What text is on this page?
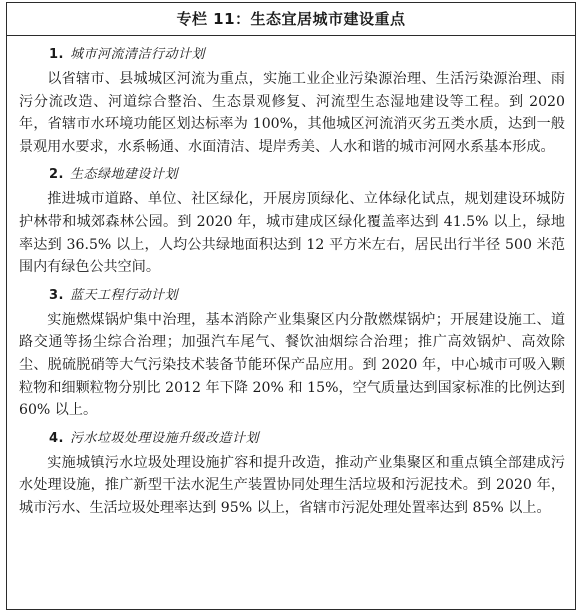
专栏 11：生态宜居城市建设重点
1. 城市河流清洁行动计划
以省辖市、县城城区河流为重点，实施工业企业污染源治理、生活污染源治理、雨污分流改造、河道综合整治、生态景观修复、河流型生态湿地建设等工程。到 2020 年，省辖市水环境功能区划达标率为 100%，其他城区河流消灭劣五类水质，达到一般景观用水要求，水系畅通、水面清洁、堤岸秀美、人水和谐的城市河网水系基本形成。
2. 生态绿地建设计划
推进城市道路、单位、社区绿化，开展房顶绿化、立体绿化试点，规划建设环城防护林带和城郊森林公园。到 2020 年，城市建成区绿化覆盖率达到 41.5% 以上，绿地率达到 36.5% 以上，人均公共绿地面积达到 12 平方米左右，居民出行半径 500 米范围内有绿色公共空间。
3. 蓝天工程行动计划
实施燃煤锅炉集中治理，基本消除产业集聚区内分散燃煤锅炉；开展建设施工、道路交通等扬尘综合治理；加强汽车尾气、餐饮油烟综合治理；推广高效锅炉、高效除尘、脱硫脱硝等大气污染技术装备节能环保产品应用。到 2020 年，中心城市可吸入颗粒物和细颗粒物分别比 2012 年下降 20% 和 15%，空气质量达到国家标准的比例达到 60% 以上。
4. 污水垃圾处理设施升级改造计划
实施城镇污水垃圾处理设施扩容和提升改造，推动产业集聚区和重点镇全部建成污水处理设施，推广新型干法水泥生产装置协同处理生活垃圾和污泥技术。到 2020 年，城市污水、生活垃圾处理率达到 95% 以上，省辖市污泥处理处置率达到 85% 以上。
